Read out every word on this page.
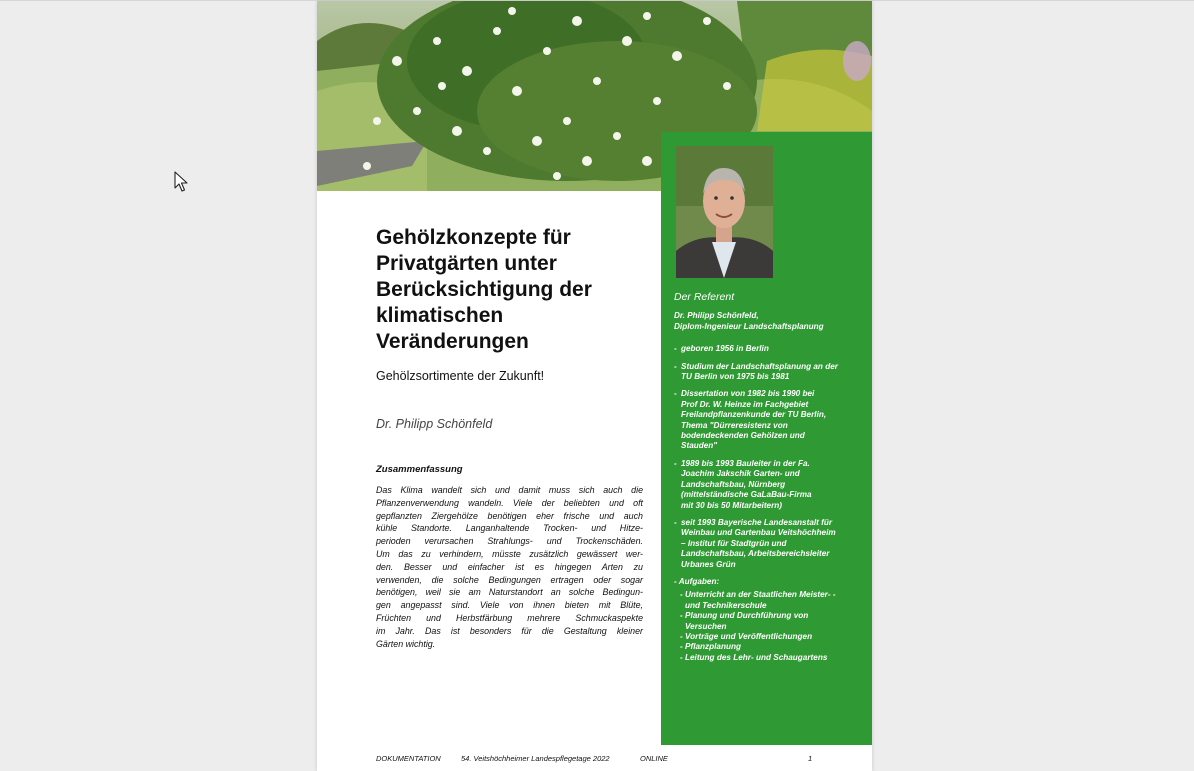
Der Referent
Dr. Philipp Schönfeld,
Diplom-Ingenieur Landschaftsplanung
- geboren 1956 in Berlin
- Studium der Landschaftsplanung an der
TU Berlin von 1975 bis 1981
- Dissertation von 1982 bis 1990 bei
Prof Dr. W. Heinze im Fachgebiet
Freilandpflanzenkunde der TU Berlin,
Thema "Dürreresistenz von
bodendeckenden Gehölzen und
Stauden"
- 1989 bis 1993 Bauleiter in der Fa.
Joachim Jakschik Garten- und
Landschaftsbau, Nürnberg
(mittelständische GaLaBau-Firma
mit 30 bis 50 Mitarbeitern)
- seit 1993 Bayerische Landesanstalt für
Weinbau und Gartenbau Veitshöchheim
– Institut für Stadtgrün und
Landschaftsbau, Arbeitsbereichsleiter
Urbanes Grün
- Aufgaben:
- Unterricht an der Staatlichen Meister- -
und Technikerschule
- Planung und Durchführung von
Versuchen
- Vorträge und Veröffentlichungen
- Pflanzplanung
- Leitung des Lehr- und Schaugartens
Gehölzkonzepte für
Privatgärten unter
Berücksichtigung der
klimatischen
Veränderungen
Gehölzsortimente der Zukunft!
Dr. Philipp Schönfeld
Zusammenfassung
Das Klima wandelt sich und damit muss sich auch die
Pflanzenverwendung wandeln. Viele der beliebten und oft
gepflanzten Ziergehölze benötigen eher frische und auch
kühle Standorte. Langanhaltende Trocken- und Hitze-
perioden verursachen Strahlungs- und Trockenschäden.
Um das zu verhindern, müsste zusätzlich gewässert wer-
den. Besser und einfacher ist es hingegen Arten zu
verwenden, die solche Bedingungen ertragen oder sogar
benötigen, weil sie am Naturstandort an solche Bedingun-
gen angepasst sind. Viele von ihnen bieten mit Blüte,
Früchten und Herbstfärbung mehrere Schmuckaspekte
im Jahr. Das ist besonders für die Gestaltung kleiner
Gärten wichtig.
DOKUMENTATION	54. Veitshöchheimer Landespflegetage 2022	ONLINE	1
